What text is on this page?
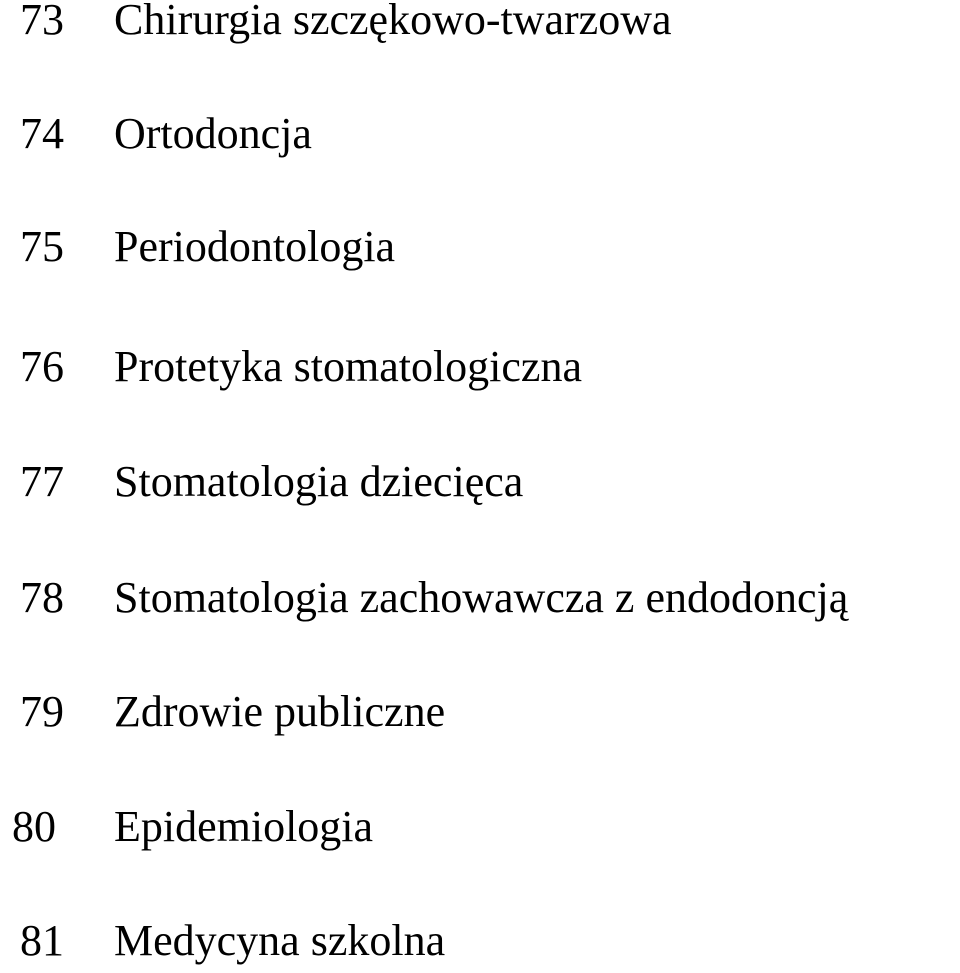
73 Chirurgia szczękowo-twarzowa
74 Ortodoncja
75 Periodontologia
76 Protetyka stomatologiczna
77 Stomatologia dziecięca
78 Stomatologia zachowawcza z endodoncją
79 Zdrowie publiczne
80 Epidemiologia
81 Medycyna szkolna
